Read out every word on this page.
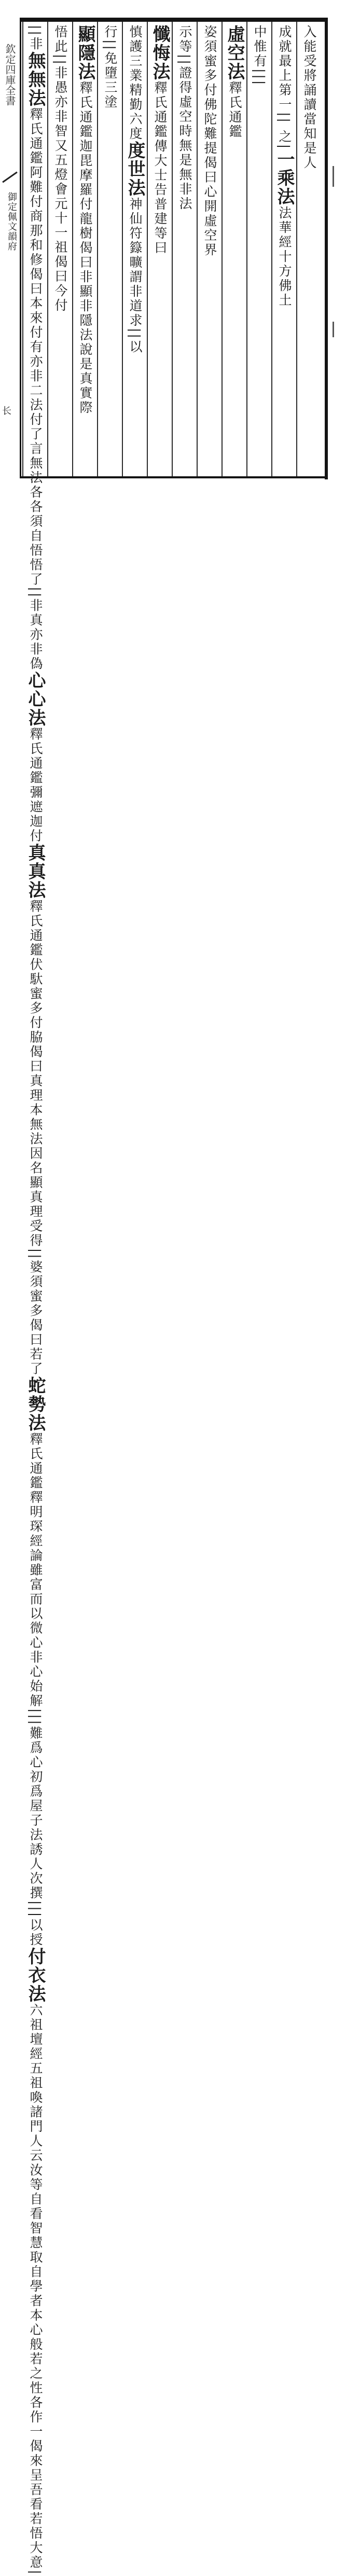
欽定四庫全書
御定佩文韻府
长
入能受將誦讀當知是人
成就最上第一|| 之|一乘法法華經十方佛土
中惟有|||
虛空法釋氏通鑑
姿須蜜多付佛陀難提偈曰心開虛空界
示等||證得虛空時無是無非法
懺悔法釋氏通鑑傳大士告普建等曰
慎護三業精勤六度度世法神仙符籙曠謂非道求||以
行||免墮三塗
顯隱法釋氏通鑑迦毘摩羅付龍樹偈曰非顯非隱法說是真實際
悟此||非愚亦非智又五燈會元十一祖偈曰今付
||非無無法釋氏通鑑阿難付商那和修偈曰本來付有亦非二法付了言無法各各須自悟悟了||非真亦非偽心心法釋氏通鑑彌遮迦付真真法釋氏通鑑伏馱蜜多付脇偈曰真理本無法因名顯真理受得||婆須蜜多偈曰若了蛇勢法釋氏通鑑釋明琛經論雖富而以微心非心始解|||難爲心初爲屋子法誘人次撰|||以授付衣法六祖壇經五祖喚諸門人云汝等自看智慧取自學者本心般若之性各作一偈來呈吾看若悟大意|
